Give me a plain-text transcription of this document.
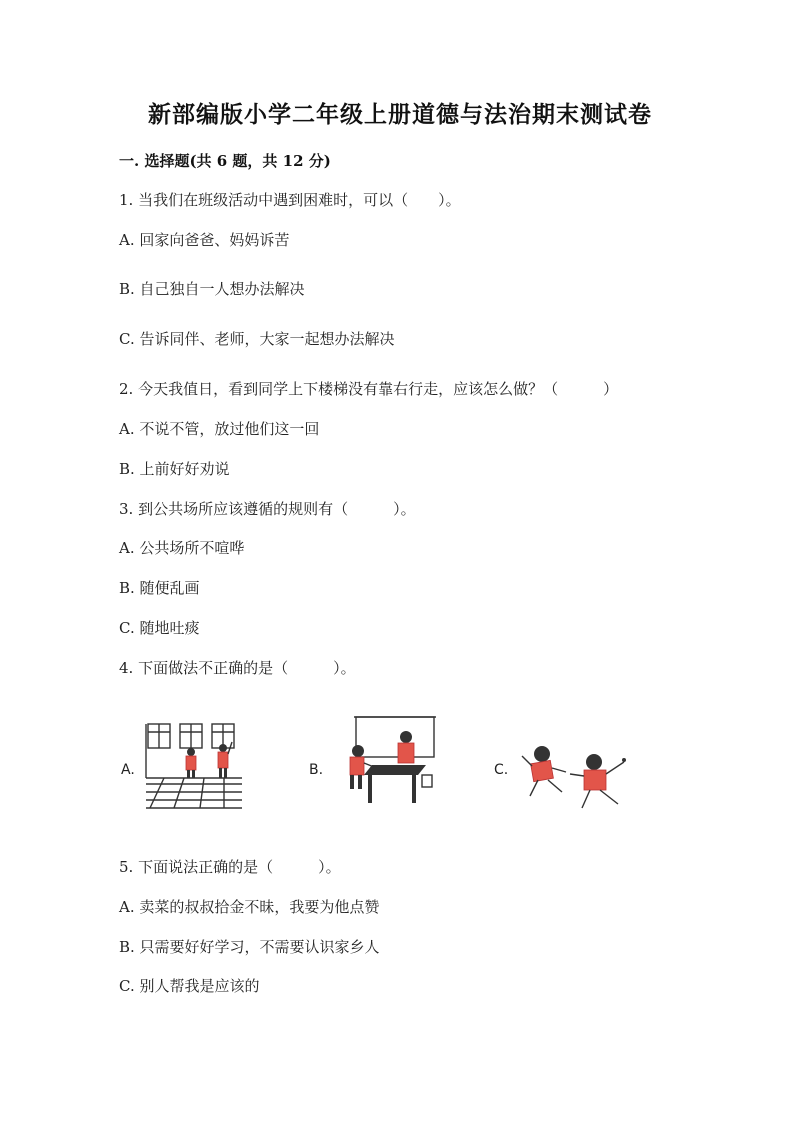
新部编版小学二年级上册道德与法治期末测试卷
一. 选择题(共 6 题，共 12 分)
1. 当我们在班级活动中遇到困难时，可以（　　）。
A. 回家向爸爸、妈妈诉苦
B. 自己独自一人想办法解决
C. 告诉同伴、老师，大家一起想办法解决
2. 今天我值日，看到同学上下楼梯没有靠右行走，应该怎么做？（　　　）
A. 不说不管，放过他们这一回
B. 上前好好劝说
3. 到公共场所应该遵循的规则有（　　　）。
A. 公共场所不喧哗
B. 随便乱画
C. 随地吐痰
4. 下面做法不正确的是（　　　）。
A.	B.	C.
5. 下面说法正确的是（　　　）。
A. 卖菜的叔叔拾金不昧，我要为他点赞
B. 只需要好好学习，不需要认识家乡人
C. 别人帮我是应该的
